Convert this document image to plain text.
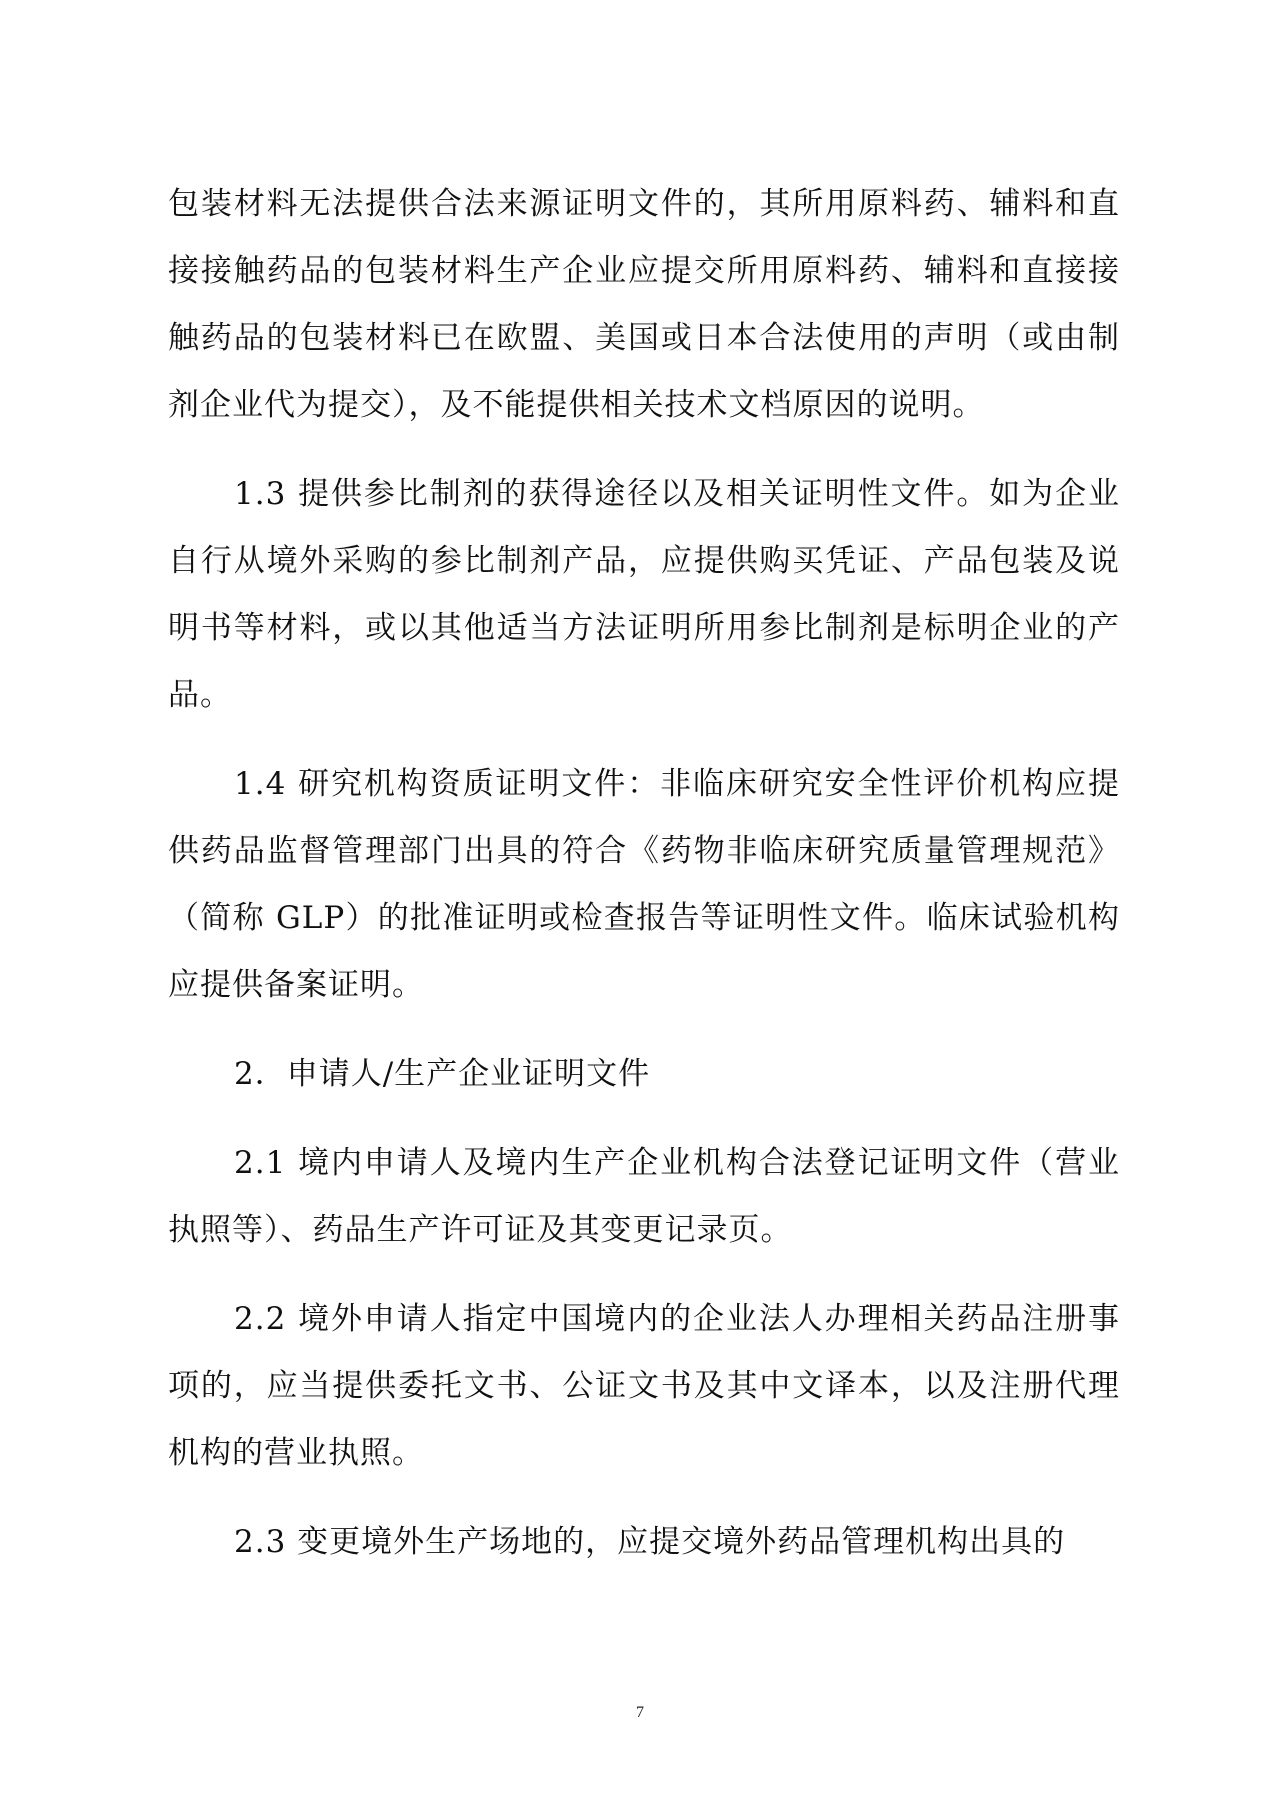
包装材料无法提供合法来源证明文件的，其所用原料药、辅料和直接接触药品的包装材料生产企业应提交所用原料药、辅料和直接接触药品的包装材料已在欧盟、美国或日本合法使用的声明（或由制剂企业代为提交），及不能提供相关技术文档原因的说明。

1.3 提供参比制剂的获得途径以及相关证明性文件。如为企业自行从境外采购的参比制剂产品，应提供购买凭证、产品包装及说明书等材料，或以其他适当方法证明所用参比制剂是标明企业的产品。

1.4 研究机构资质证明文件：非临床研究安全性评价机构应提供药品监督管理部门出具的符合《药物非临床研究质量管理规范》（简称 GLP）的批准证明或检查报告等证明性文件。临床试验机构应提供备案证明。

2．申请人/生产企业证明文件

2.1 境内申请人及境内生产企业机构合法登记证明文件（营业执照等）、药品生产许可证及其变更记录页。

2.2 境外申请人指定中国境内的企业法人办理相关药品注册事项的，应当提供委托文书、公证文书及其中文译本，以及注册代理机构的营业执照。

2.3 变更境外生产场地的，应提交境外药品管理机构出具的

7
